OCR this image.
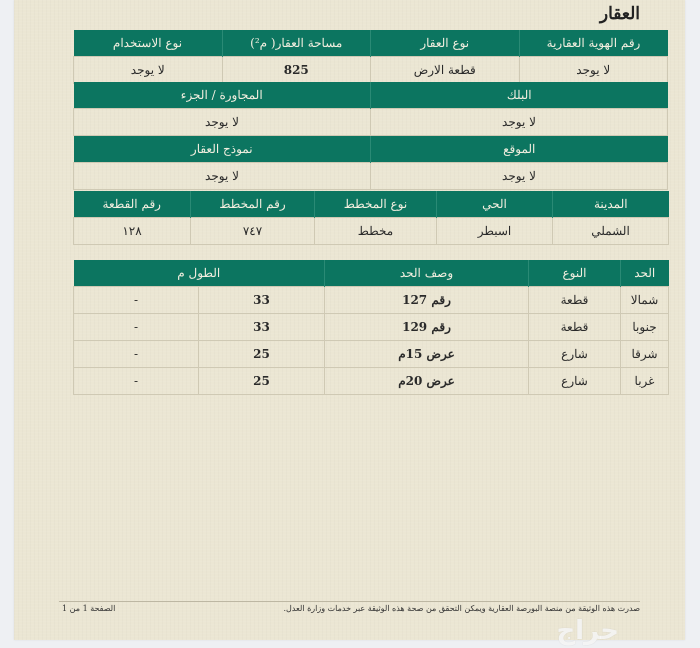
العقار
رقم الهوية العقارية	نوع العقار	مساحة العقار( م²)	نوع الاستخدام
لا يوجد	قطعة الارض	825	لا يوجد
البلك	المجاورة / الجزء
لا يوجد	لا يوجد
الموقع	نموذج العقار
لا يوجد	لا يوجد
المدينة	الحي	نوع المخطط	رقم المخطط	رقم القطعة
الشملي	اسبطر	مخطط	٧٤٧	١٢٨
الحد	النوع	وصف الحد	الطول م	
شمالا	قطعة	رقم 127	33	-
جنوبا	قطعة	رقم 129	33	-
شرقا	شارع	عرض 15م	25	-
غربا	شارع	عرض 20م	25	-
صدرت هذه الوثيقة من منصة البورصة العقارية ويمكن التحقق من صحة هذه الوثيقة عبر خدمات وزارة العدل.
الصفحة 1 من 1
حراج
